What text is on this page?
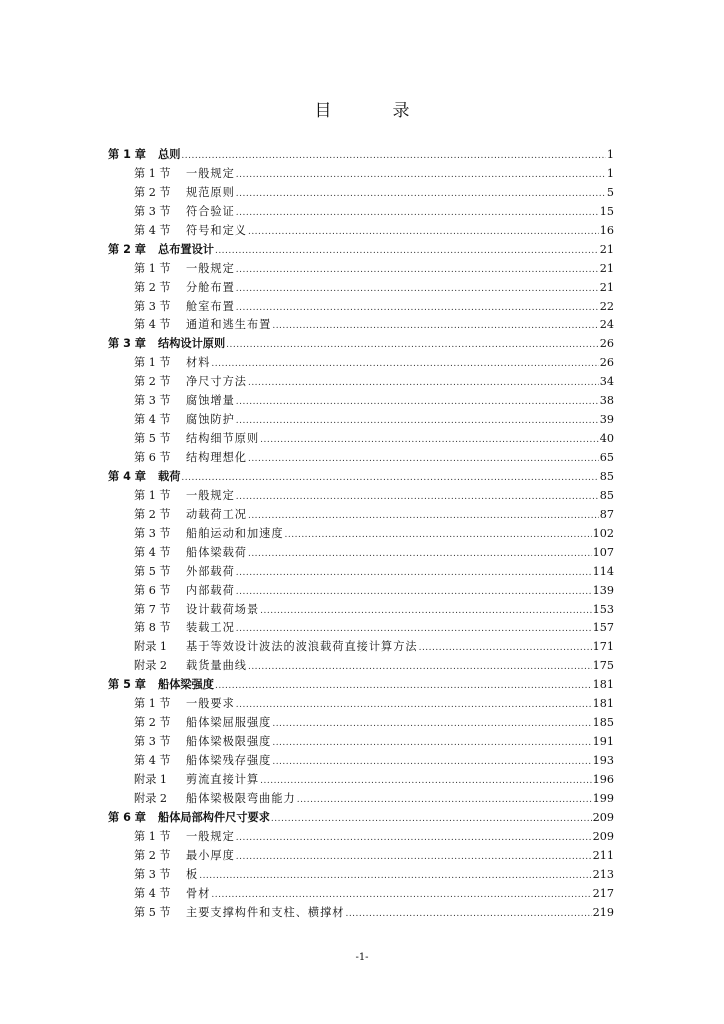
目　录
第 1 章	总则 .....	1
第 1 节	一般规定 .....	1
第 2 节	规范原则 .....	5
第 3 节	符合验证 .....	15
第 4 节	符号和定义 .....	16
第 2 章	总布置设计 .....	21
第 1 节	一般规定 .....	21
第 2 节	分舱布置 .....	21
第 3 节	舱室布置 .....	22
第 4 节	通道和逃生布置 .....	24
第 3 章	结构设计原则 .....	26
第 1 节	材料 .....	26
第 2 节	净尺寸方法 .....	34
第 3 节	腐蚀增量 .....	38
第 4 节	腐蚀防护 .....	39
第 5 节	结构细节原则 .....	40
第 6 节	结构理想化 .....	65
第 4 章	载荷 .....	85
第 1 节	一般规定 .....	85
第 2 节	动载荷工况 .....	87
第 3 节	船舶运动和加速度 .....	102
第 4 节	船体梁载荷 .....	107
第 5 节	外部载荷 .....	114
第 6 节	内部载荷 .....	139
第 7 节	设计载荷场景 .....	153
第 8 节	装载工况 .....	157
附录 1	基于等效设计波法的波浪载荷直接计算方法 .....	171
附录 2	载货量曲线 .....	175
第 5 章	船体梁强度 .....	181
第 1 节	一般要求 .....	181
第 2 节	船体梁屈服强度 .....	185
第 3 节	船体梁极限强度 .....	191
第 4 节	船体梁残存强度 .....	193
附录 1	剪流直接计算 .....	196
附录 2	船体梁极限弯曲能力 .....	199
第 6 章	船体局部构件尺寸要求 .....	209
第 1 节	一般规定 .....	209
第 2 节	最小厚度 .....	211
第 3 节	板 .....	213
第 4 节	骨材 .....	217
第 5 节	主要支撑构件和支柱、横撑材 .....	219
-1-
